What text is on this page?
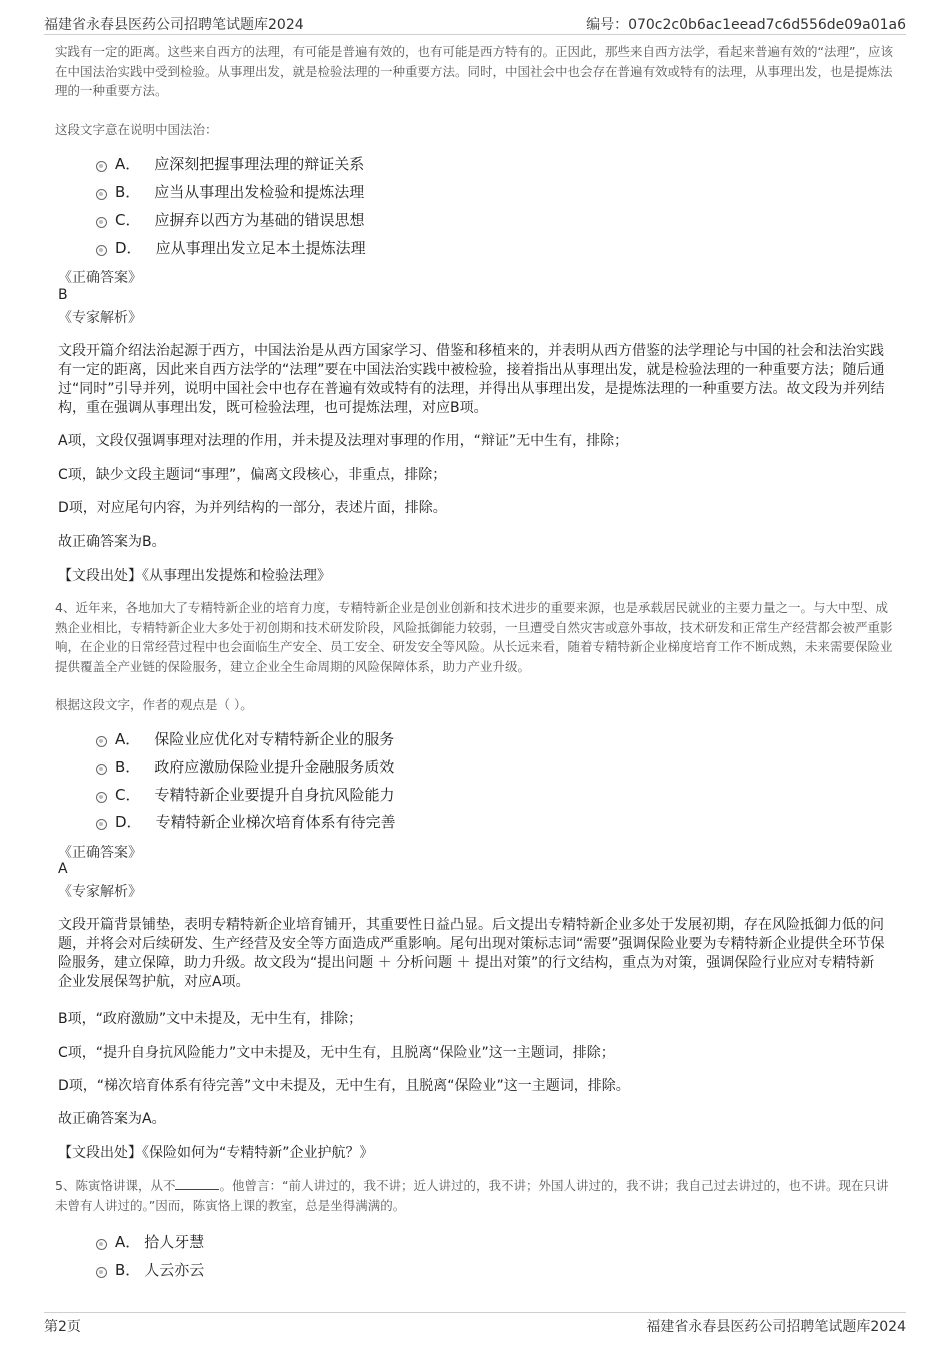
福建省永春县医药公司招聘笔试题库2024	编号：070c2c0b6ac1eead7c6d556de09a01a6

实践有一定的距离。这些来自西方的法理，有可能是普遍有效的，也有可能是西方特有的。正因此，那些来自西方法学，看起来普遍有效的“法理”，应该在中国法治实践中受到检验。从事理出发，就是检验法理的一种重要方法。同时，中国社会中也会存在普遍有效或特有的法理，从事理出发，也是提炼法理的一种重要方法。

这段文字意在说明中国法治：

A． 应深刻把握事理法理的辩证关系
B． 应当从事理出发检验和提炼法理
C． 应摒弃以西方为基础的错误思想
D． 应从事理出发立足本土提炼法理
《正确答案》
B
《专家解析》

文段开篇介绍法治起源于西方，中国法治是从西方国家学习、借鉴和移植来的，并表明从西方借鉴的法学理论与中国的社会和法治实践有一定的距离，因此来自西方法学的“法理”要在中国法治实践中被检验，接着指出从事理出发，就是检验法理的一种重要方法；随后通过“同时”引导并列，说明中国社会中也存在普遍有效或特有的法理，并得出从事理出发，是提炼法理的一种重要方法。故文段为并列结构，重在强调从事理出发，既可检验法理，也可提炼法理，对应B项。

A项，文段仅强调事理对法理的作用，并未提及法理对事理的作用，“辩证”无中生有，排除；
C项，缺少文段主题词“事理”，偏离文段核心，非重点，排除；
D项，对应尾句内容，为并列结构的一部分，表述片面，排除。
故正确答案为B。
【文段出处】《从事理出发提炼和检验法理》

4、近年来，各地加大了专精特新企业的培育力度，专精特新企业是创业创新和技术进步的重要来源，也是承载居民就业的主要力量之一。与大中型、成熟企业相比，专精特新企业大多处于初创期和技术研发阶段，风险抵御能力较弱，一旦遭受自然灾害或意外事故，技术研发和正常生产经营都会被严重影响，在企业的日常经营过程中也会面临生产安全、员工安全、研发安全等风险。从长远来看，随着专精特新企业梯度培育工作不断成熟，未来需要保险业提供覆盖全产业链的保险服务，建立企业全生命周期的风险保障体系，助力产业升级。

根据这段文字，作者的观点是（ ）。

A． 保险业应优化对专精特新企业的服务
B． 政府应激励保险业提升金融服务质效
C． 专精特新企业要提升自身抗风险能力
D． 专精特新企业梯次培育体系有待完善
《正确答案》
A
《专家解析》

文段开篇背景铺垫，表明专精特新企业培育铺开，其重要性日益凸显。后文提出专精特新企业多处于发展初期，存在风险抵御力低的问题，并将会对后续研发、生产经营及安全等方面造成严重影响。尾句出现对策标志词“需要”强调保险业要为专精特新企业提供全环节保险服务，建立保障，助力升级。故文段为“提出问题 ＋ 分析问题 ＋ 提出对策”的行文结构，重点为对策，强调保险行业应对专精特新企业发展保驾护航，对应A项。

B项，“政府激励”文中未提及，无中生有，排除；
C项，“提升自身抗风险能力”文中未提及，无中生有，且脱离“保险业”这一主题词，排除；
D项，“梯次培育体系有待完善”文中未提及，无中生有，且脱离“保险业”这一主题词，排除。
故正确答案为A。
【文段出处】《保险如何为“专精特新”企业护航？》

5、陈寅恪讲课，从不	。他曾言：“前人讲过的，我不讲；近人讲过的，我不讲；外国人讲过的，我不讲；我自己过去讲过的，也不讲。现在只讲未曾有人讲过的。”因而，陈寅恪上课的教室，总是坐得满满的。

A． 拾人牙慧
B． 人云亦云
第2页	福建省永春县医药公司招聘笔试题库2024
